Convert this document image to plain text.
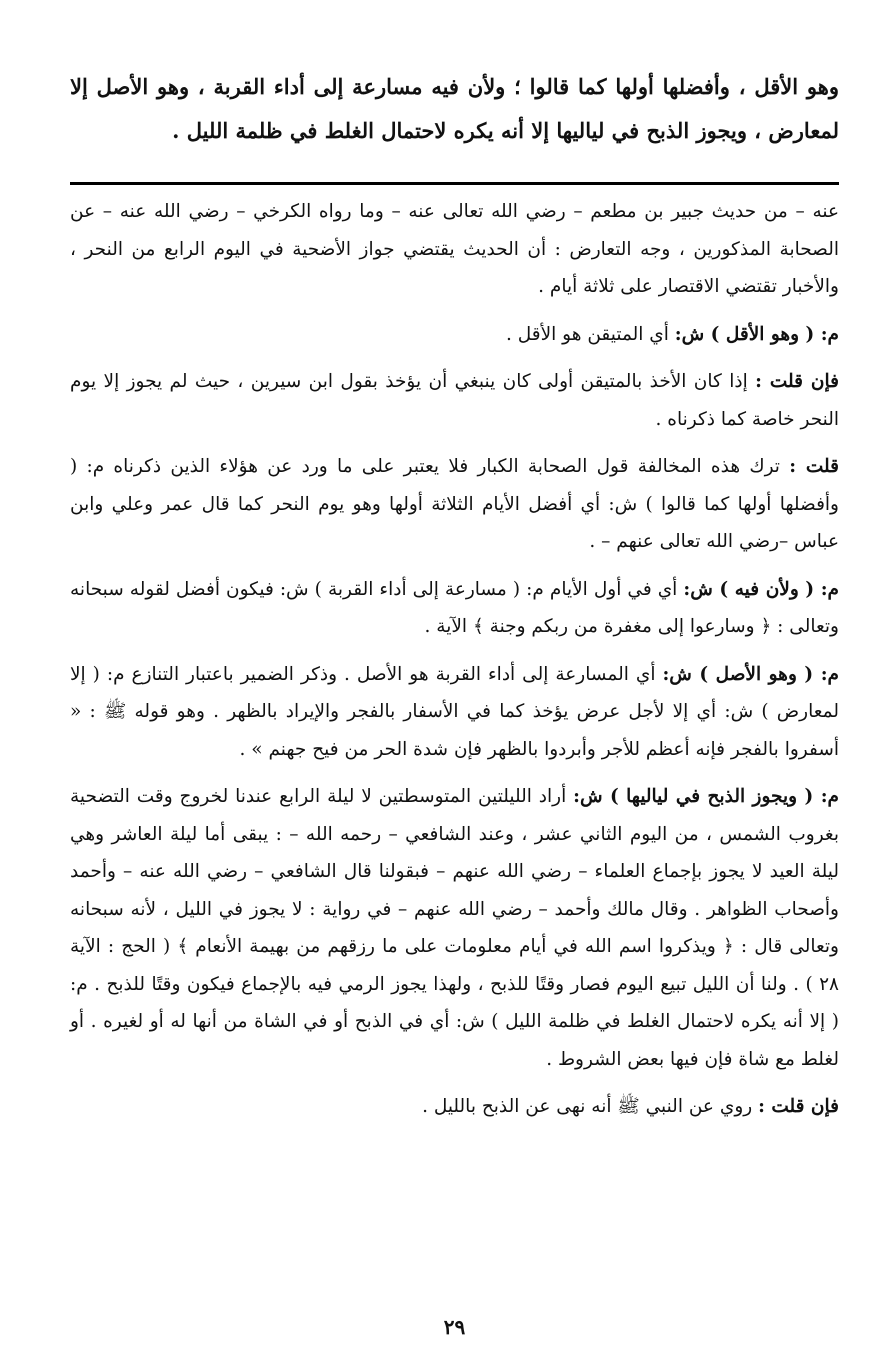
وهو الأقل ، وأفضلها أولها كما قالوا ؛ ولأن فيه مسارعة إلى أداء القربة ، وهو الأصل إلا لمعارض ، ويجوز الذبح في لياليها إلا أنه يكره لاحتمال الغلط في ظلمة الليل .

عنه – من حديث جبير بن مطعم – رضي الله تعالى عنه – وما رواه الكرخي – رضي الله عنه – عن الصحابة المذكورين ، وجه التعارض : أن الحديث يقتضي جواز الأضحية في اليوم الرابع من النحر ، والأخبار تقتضي الاقتصار على ثلاثة أيام .

م: ( وهو الأقل ) ش: أي المتيقن هو الأقل .

فإن قلت : إذا كان الأخذ بالمتيقن أولى كان ينبغي أن يؤخذ بقول ابن سيرين ، حيث لم يجوز إلا يوم النحر خاصة كما ذكرناه .

قلت : ترك هذه المخالفة قول الصحابة الكبار فلا يعتبر على ما ورد عن هؤلاء الذين ذكرناه م: ( وأفضلها أولها كما قالوا ) ش: أي أفضل الأيام الثلاثة أولها وهو يوم النحر كما قال عمر وعلي وابن عباس –رضي الله تعالى عنهم – .

م: ( ولأن فيه ) ش: أي في أول الأيام م: ( مسارعة إلى أداء القربة ) ش: فيكون أفضل لقوله سبحانه وتعالى : ﴿ وسارعوا إلى مغفرة من ربكم وجنة ﴾ الآية .

م: ( وهو الأصل ) ش: أي المسارعة إلى أداء القربة هو الأصل . وذكر الضمير باعتبار التنازع م: ( إلا لمعارض ) ش: أي إلا لأجل عرض يؤخذ كما في الأسفار بالفجر والإيراد بالظهر . وهو قوله ﷺ : « أسفروا بالفجر فإنه أعظم للأجر وأبردوا بالظهر فإن شدة الحر من فيح جهنم » .

م: ( ويجوز الذبح في لياليها ) ش: أراد الليلتين المتوسطتين لا ليلة الرابع عندنا لخروج وقت التضحية بغروب الشمس ، من اليوم الثاني عشر ، وعند الشافعي – رحمه الله – : يبقى أما ليلة العاشر وهي ليلة العيد لا يجوز بإجماع العلماء – رضي الله عنهم – فبقولنا قال الشافعي – رضي الله عنه – وأحمد وأصحاب الظواهر . وقال مالك وأحمد – رضي الله عنهم – في رواية : لا يجوز في الليل ، لأنه سبحانه وتعالى قال : ﴿ ويذكروا اسم الله في أيام معلومات على ما رزقهم من بهيمة الأنعام ﴾ ( الحج : الآية ٢٨ ) . ولنا أن الليل تبيع اليوم فصار وقتًا للذبح ، ولهذا يجوز الرمي فيه بالإجماع فيكون وقتًا للذبح . م: ( إلا أنه يكره لاحتمال الغلط في ظلمة الليل ) ش: أي في الذبح أو في الشاة من أنها له أو لغيره . أو لغلط مع شاة فإن فيها بعض الشروط .

فإن قلت : روي عن النبي ﷺ أنه نهى عن الذبح بالليل .

٢٩
